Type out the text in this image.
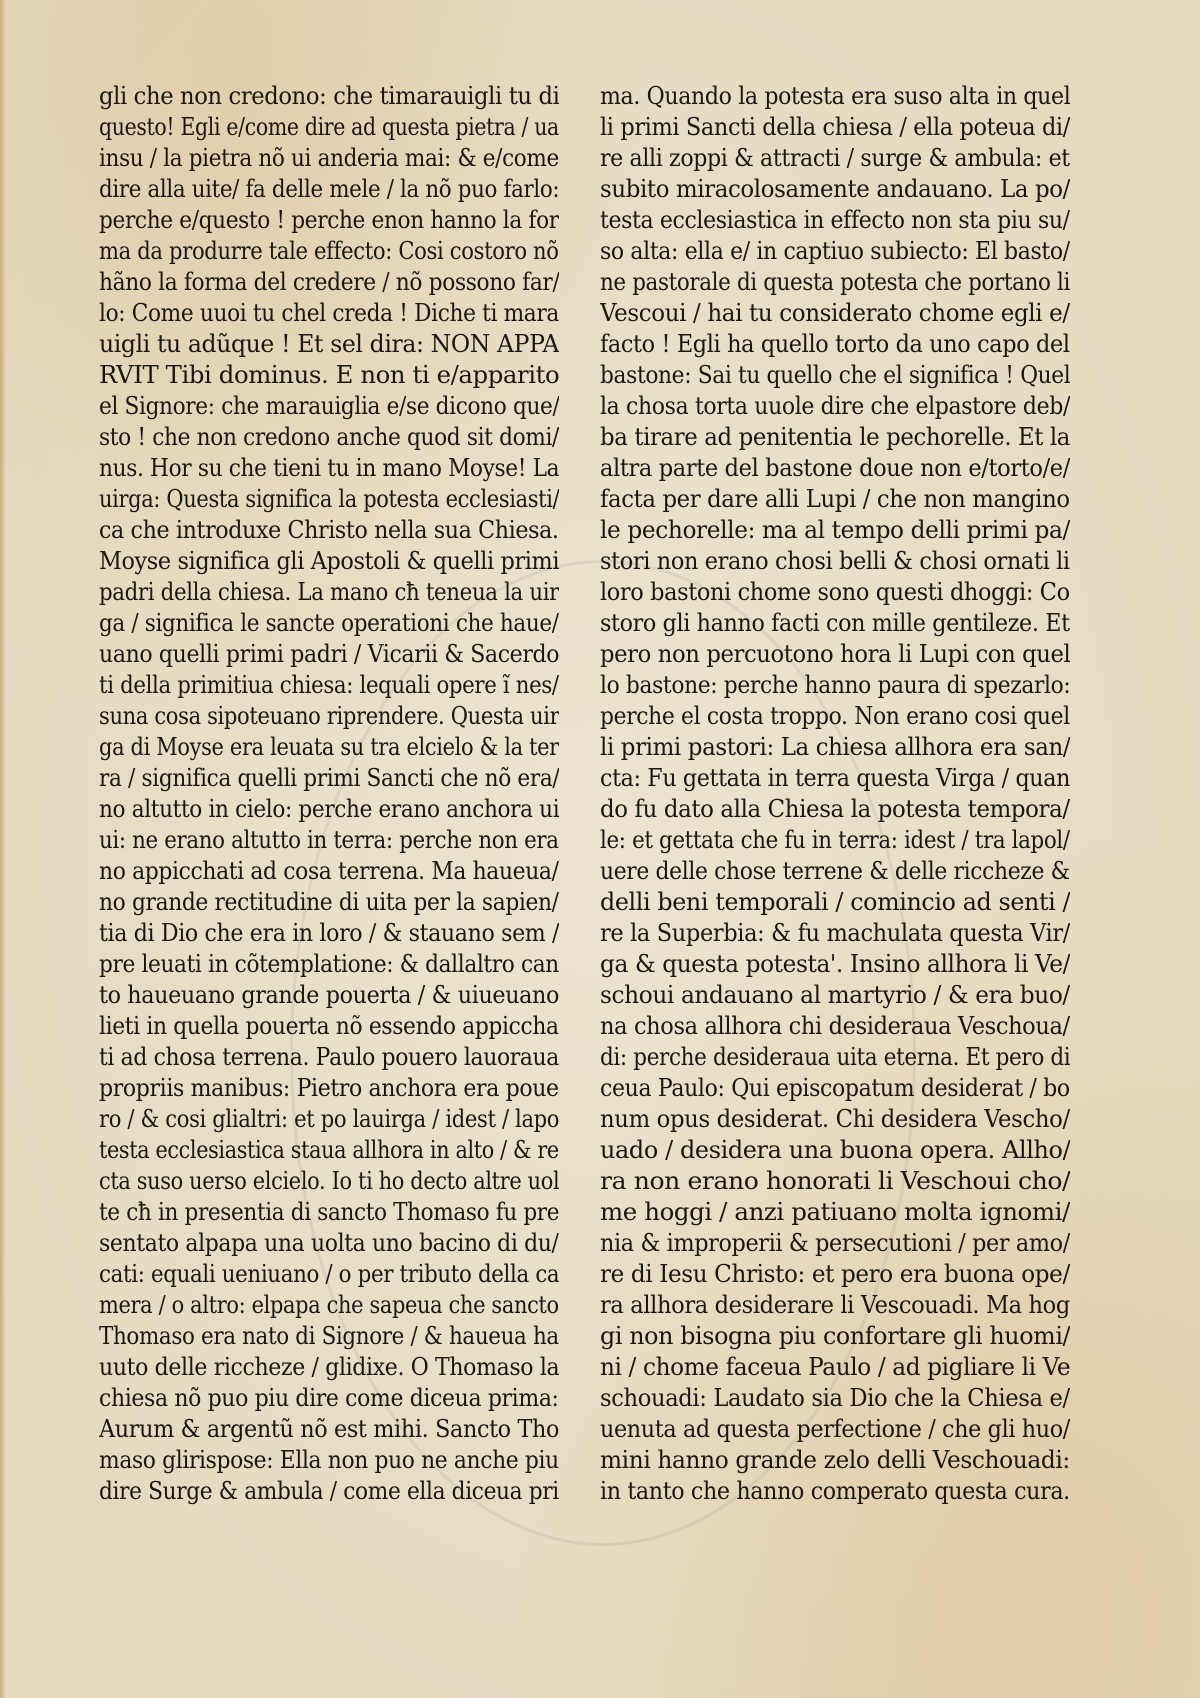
gli che non credono: che timarauigli tu di
questo! Egli e/come dire ad questa pietra / ua
insu / la pietra nõ ui anderia mai: & e/come
dire alla uite/ fa delle mele / la nõ puo farlo:
perche e/questo ! perche enon hanno la for
ma da produrre tale effecto: Cosi costoro nõ
hãno la forma del credere / nõ possono far/
lo: Come uuoi tu chel creda ! Diche ti mara
uigli tu adũque ! Et sel dira: NON APPA
RVIT Tibi dominus. E non ti e/apparito
el Signore: che marauiglia e/se dicono que/
sto ! che non credono anche quod sit domi/
nus. Hor su che tieni tu in mano Moyse! La
uirga: Questa significa la potesta ecclesiasti/
ca che introduxe Christo nella sua Chiesa.
Moyse significa gli Apostoli & quelli primi
padri della chiesa. La mano cħ teneua la uir
ga / significa le sancte operationi che haue/
uano quelli primi padri / Vicarii & Sacerdo
ti della primitiua chiesa: lequali opere ĩ nes/
suna cosa sipoteuano riprendere. Questa uir
ga di Moyse era leuata su tra elcielo & la ter
ra / significa quelli primi Sancti che nõ era/
no altutto in cielo: perche erano anchora ui
ui: ne erano altutto in terra: perche non era
no appicchati ad cosa terrena. Ma haueua/
no grande rectitudine di uita per la sapien/
tia di Dio che era in loro / & stauano sem /
pre leuati in cõtemplatione: & dallaltro can
to haueuano grande pouerta / & uiueuano
lieti in quella pouerta nõ essendo appiccha
ti ad chosa terrena. Paulo pouero lauoraua
propriis manibus: Pietro anchora era poue
ro / & cosi glialtri: et po lauirga / idest / lapo
testa ecclesiastica staua allhora in alto / & re
cta suso uerso elcielo. Io ti ho decto altre uol
te cħ in presentia di sancto Thomaso fu pre
sentato alpapa una uolta uno bacino di du/
cati: equali ueniuano / o per tributo della ca
mera / o altro: elpapa che sapeua che sancto
Thomaso era nato di Signore / & haueua ha
uuto delle riccheze / glidixe. O Thomaso la
chiesa nõ puo piu dire come diceua prima:
Aurum & argentũ nõ est mihi. Sancto Tho
maso glirispose: Ella non puo ne anche piu
dire Surge & ambula / come ella diceua pri
ma. Quando la potesta era suso alta in quel
li primi Sancti della chiesa / ella poteua di/
re alli zoppi & attracti / surge & ambula: et
subito miracolosamente andauano. La po/
testa ecclesiastica in effecto non sta piu su/
so alta: ella e/ in captiuo subiecto: El basto/
ne pastorale di questa potesta che portano li
Vescoui / hai tu considerato chome egli e/
facto ! Egli ha quello torto da uno capo del
bastone: Sai tu quello che el significa ! Quel
la chosa torta uuole dire che elpastore deb/
ba tirare ad penitentia le pechorelle. Et la
altra parte del bastone doue non e/torto/e/
facta per dare alli Lupi / che non mangino
le pechorelle: ma al tempo delli primi pa/
stori non erano chosi belli & chosi ornati li
loro bastoni chome sono questi dhoggi: Co
storo gli hanno facti con mille gentileze. Et
pero non percuotono hora li Lupi con quel
lo bastone: perche hanno paura di spezarlo:
perche el costa troppo. Non erano cosi quel
li primi pastori: La chiesa allhora era san/
cta: Fu gettata in terra questa Virga / quan
do fu dato alla Chiesa la potesta tempora/
le: et gettata che fu in terra: idest / tra lapol/
uere delle chose terrene & delle riccheze &
delli beni temporali / comincio ad senti /
re la Superbia: & fu machulata questa Vir/
ga & questa potesta'. Insino allhora li Ve/
schoui andauano al martyrio / & era buo/
na chosa allhora chi desideraua Veschoua/
di: perche desideraua uita eterna. Et pero di
ceua Paulo: Qui episcopatum desiderat / bo
num opus desiderat. Chi desidera Vescho/
uado / desidera una buona opera. Allho/
ra non erano honorati li Veschoui cho/
me hoggi / anzi patiuano molta ignomi/
nia & improperii & persecutioni / per amo/
re di Iesu Christo: et pero era buona ope/
ra allhora desiderare li Vescouadi. Ma hog
gi non bisogna piu confortare gli huomi/
ni / chome faceua Paulo / ad pigliare li Ve
schouadi: Laudato sia Dio che la Chiesa e/
uenuta ad questa perfectione / che gli huo/
mini hanno grande zelo delli Veschouadi:
in tanto che hanno comperato questa cura.
